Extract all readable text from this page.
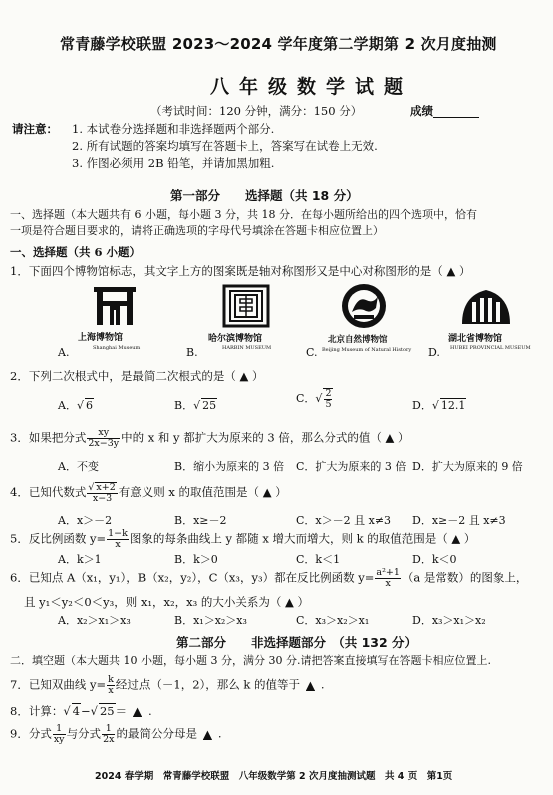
常青藤学校联盟 2023～2024 学年度第二学期第 2 次月度抽测
八年级数学试题
（考试时间：120 分钟，满分：150 分）	成绩
请注意： 1. 本试卷分选择题和非选择题两个部分.
2. 所有试题的答案均填写在答题卡上，答案写在试卷上无效.
3. 作图必须用 2B 铅笔，并请加黑加粗.
第一部分　　选择题（共 18 分）
一、选择题（本大题共有 6 小题，每小题 3 分，共 18 分．在每小题所给出的四个选项中，恰有
一项是符合题目要求的，请将正确选项的字母代号填涂在答题卡相应位置上）
一、选择题（共 6 小题）
1．下面四个博物馆标志，其文字上方的图案既是轴对称图形又是中心对称图形的是（ ▲ ）
上海博物馆
Shanghai Museum
A.
哈尔滨博物馆
HARBIN MUSEUM
B.
北京自然博物馆
Beijing Museum of Natural History
C.
湖北省博物馆
HUBEI PROVINCIAL MUSEUM
D.
2．下列二次根式中，是最简二次根式的是（ ▲ ）
A．√ 6	B．√ 25
C．√ $\frac{2}{5}$	D．√ 12.1
3．如果把分式 $\frac{xy}{2x-3y}$ 中的 x 和 y 都扩大为原来的 3 倍，那么分式的值（ ▲ ）
A．不变	B．缩小为原来的 3 倍 C．扩大为原来的 3 倍 D．扩大为原来的 9 倍
4．已知代数式 $\frac{√ x+2}{x-3}$ 有意义则 x 的取值范围是（ ▲ ）
A．x＞－2	B．x≥－2	C．x＞－2 且 x≠3 D．x≥－2 且 x≠3
5．反比例函数 $y= \frac{1-k}{x}$ 图象的每条曲线上 y 都随 x 增大而增大，则 k 的取值范围是（ ▲ ）
A．k＞1	B．k＞0	C．k＜1	D．k＜0
6．已知点 A（x₁，y₁），B（x₂，y₂），C（x₃，y₃）都在反比例函数 $y= \frac{\text{a²+1}}{x} (a$ 是常数）的图象上，
且 y₁＜y₂＜0＜y₃，则 x₁，x₂，x₃ 的大小关系为（ ▲ ）
A．x₂＞x₁＞x₃	B．x₁＞x₂＞x₃	C．x₃＞x₂＞x₁	D．x₃＞x₁＞x₂
第二部分　　非选择题部分　（共 132 分）
二．填空题（本大题共 10 小题，每小题 3 分，满分 30 分.请把答案直接填写在答题卡相应位置上.
7．已知双曲线 $y= \frac{k}{x}$ 经过点（－1，2），那么 k 的值等于 ▲ .
8．计算：√ 4−√ 25＝ ▲ .
9．分式 $\frac{1}{xy}$ 与分式 $\frac{1}{2x}$ 的最简公分母是 ▲ .
2024 春学期　常青藤学校联盟　八年级数学第 2 次月度抽测试题　共 4 页　第1页
